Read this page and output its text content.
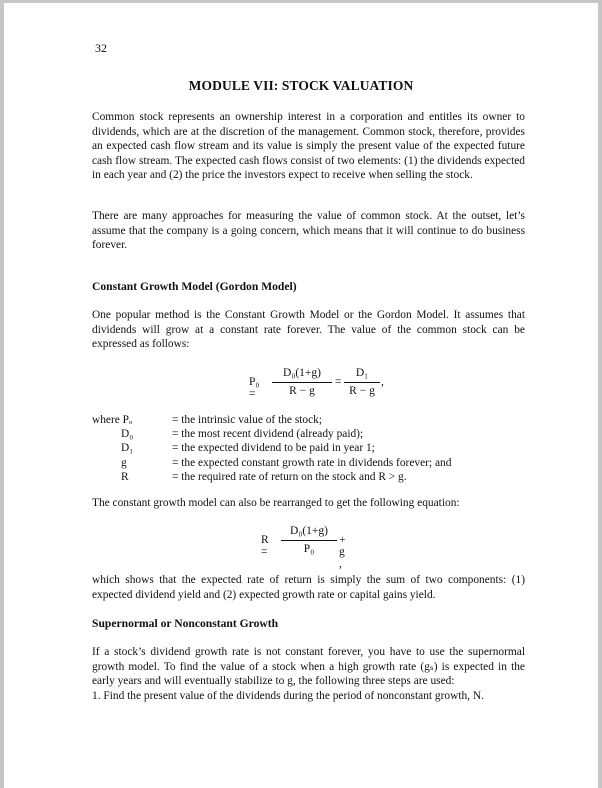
32
MODULE VII: STOCK VALUATION
Common stock represents an ownership interest in a corporation and entitles its owner to dividends, which are at the discretion of the management. Common stock, therefore, provides an expected cash flow stream and its value is simply the present value of the expected future cash flow stream. The expected cash flows consist of two elements: (1) the dividends expected in each year and (2) the price the investors expect to receive when selling the stock.
There are many approaches for measuring the value of common stock. At the outset, let’s assume that the company is a going concern, which means that it will continue to do business forever.
Constant Growth Model (Gordon Model)
One popular method is the Constant Growth Model or the Gordon Model. It assumes that dividends will grow at a constant rate forever. The value of the common stock can be expressed as follows:
P₀ =
D₀(1+g)
R − g
=
D₁
R − g
,
where Pₒ	= the intrinsic value of the stock;
D₀	= the most recent dividend (already paid);
D₁	= the expected dividend to be paid in year 1;
g	= the expected constant growth rate in dividends forever; and
R	= the required rate of return on the stock and R > g.
The constant growth model can also be rearranged to get the following equation:
R =
D₀(1+g)
P₀
+ g ,
which shows that the expected rate of return is simply the sum of two components: (1) expected dividend yield and (2) expected growth rate or capital gains yield.
Supernormal or Nonconstant Growth
If a stock’s dividend growth rate is not constant forever, you have to use the supernormal growth model. To find the value of a stock when a high growth rate (gₛ) is expected in the early years and will eventually stabilize to g, the following three steps are used:
1. Find the present value of the dividends during the period of nonconstant growth, N.
